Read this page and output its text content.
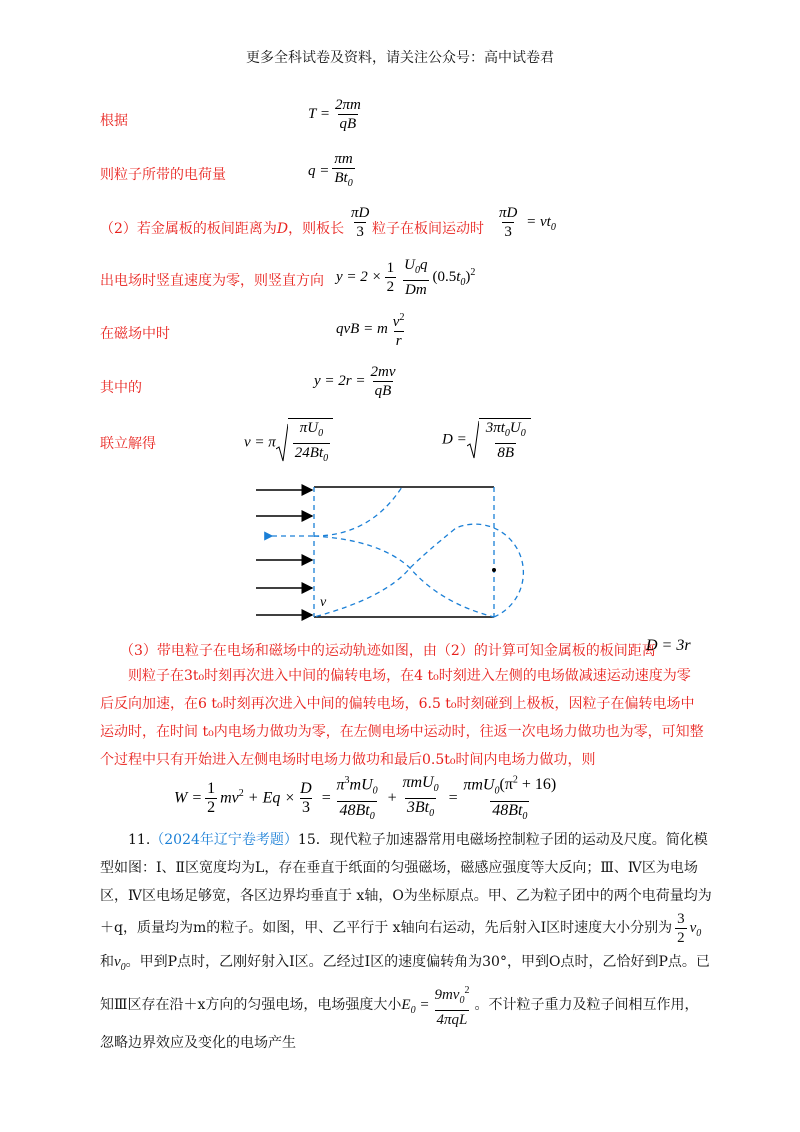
更多全科试卷及资料，请关注公众号：高中试卷君
根据	$T = \frac{2\pi m}{qB}$
则粒子所带的电荷量	$q = \frac{\pi m}{Bt_0}$
（2）若金属板的板间距离为D，则板长 $\frac{\pi D}{3}$ 粒子在板间运动时 $\frac{\pi D}{3} = vt_0$
出电场时竖直速度为零，则竖直方向 $y = 2 \times \frac{1}{2} \frac{U_0q}{Dm} (0.5t_0)^2$
在磁场中时	qvB = m $\frac{v^2}{r}$
其中的	$y = 2r = \frac{2mv}{qB}$
联立解得	v = π $\frac{\pi U_0}{24Bt_0}$	$D = \frac{3\pi t_0U_0}{8B}$
v
（3）带电粒子在电场和磁场中的运动轨迹如图，由（2）的计算可知金属板的板间距离
D = 3r
则粒子在3t₀时刻再次进入中间的偏转电场，在4 t₀时刻进入左侧的电场做减速运动速度为零后反向加速，在6 t₀时刻再次进入中间的偏转电场，6.5 t₀时刻碰到上极板，因粒子在偏转电场中运动时，在时间 t₀内电场力做功为零，在左侧电场中运动时，往返一次电场力做功也为零，可知整个过程中只有开始进入左侧电场时电场力做功和最后0.5t₀时间内电场力做功，则
$W = \frac{1}{2} mv^2 + Eq \times \frac{D}{3} = \frac{\pi^3mU_0}{48Bt_0} + \frac{\pi mU_0}{3Bt_0} = \frac{\pi mU_0(\pi^2 + 16)}{48Bt_0}$
11.（2024年辽宁卷考题）15．现代粒子加速器常用电磁场控制粒子团的运动及尺度。简化模型如图：Ⅰ、Ⅱ区宽度均为L，存在垂直于纸面的匀强磁场，磁感应强度等大反向；Ⅲ、Ⅳ区为电场区，Ⅳ区电场足够宽，各区边界均垂直于 x轴，O为坐标原点。甲、乙为粒子团中的两个电荷量均为＋q，质量均为m的粒子。如图，甲、乙平行于 x轴向右运动，先后射入Ⅰ区时速度大小分别为 $\frac{3}{2} v_0$和$v_0$。甲到P点时，乙刚好射入Ⅰ区。乙经过Ⅰ区的速度偏转角为30°，甲到O点时，乙恰好到P点。已知Ⅲ区存在沿＋x方向的匀强电场，电场强度大小$E_0 = \frac{9mv_0^2}{\text{4πqL}}$ 。不计粒子重力及粒子间相互作用，忽略边界效应及变化的电场产生
